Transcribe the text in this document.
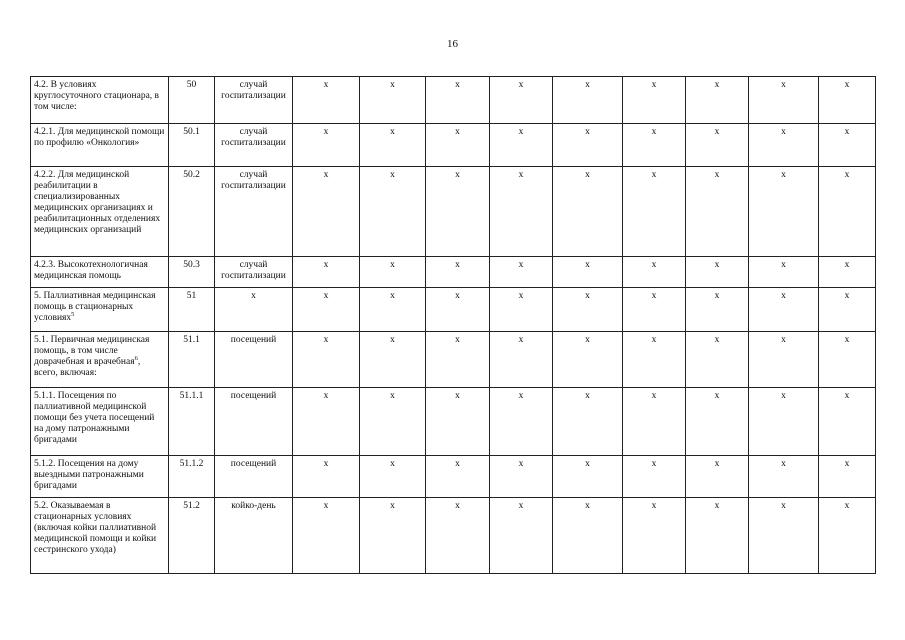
16
4.2. В условиях круглосуточного стационара, в том числе:	50	случай госпитализации	х	х	х	х	х	х	х	х	х
4.2.1. Для медицинской помощи по профилю «Онкология»	50.1	случай госпитализации	х	х	х	х	х	х	х	х	х
4.2.2. Для медицинской реабилитации в специализированных медицинских организациях и реабилитационных отделениях медицинских организаций	50.2	случай госпитализации	х	х	х	х	х	х	х	х	х
4.2.3. Высокотехнологичная медицинская помощь	50.3	случай госпитализации	х	х	х	х	х	х	х	х	х
5. Паллиативная медицинская помощь в стационарных условиях$^5$	51	х	х	х	х	х	х	х	х	х	х
5.1. Первичная медицинская помощь, в том числе доврачебная и врачебная$^6$, всего, включая:	51.1	посещений	х	х	х	х	х	х	х	х	х
5.1.1. Посещения по паллиативной медицинской помощи без учета посещений на дому патронажными бригадами	51.1.1	посещений	х	х	х	х	х	х	х	х	х
5.1.2. Посещения на дому выездными патронажными бригадами	51.1.2	посещений	х	х	х	х	х	х	х	х	х
5.2. Оказываемая в стационарных условиях (включая койки паллиативной медицинской помощи и койки сестринского ухода)	51.2	койко-день	х	х	х	х	х	х	х	х	х
